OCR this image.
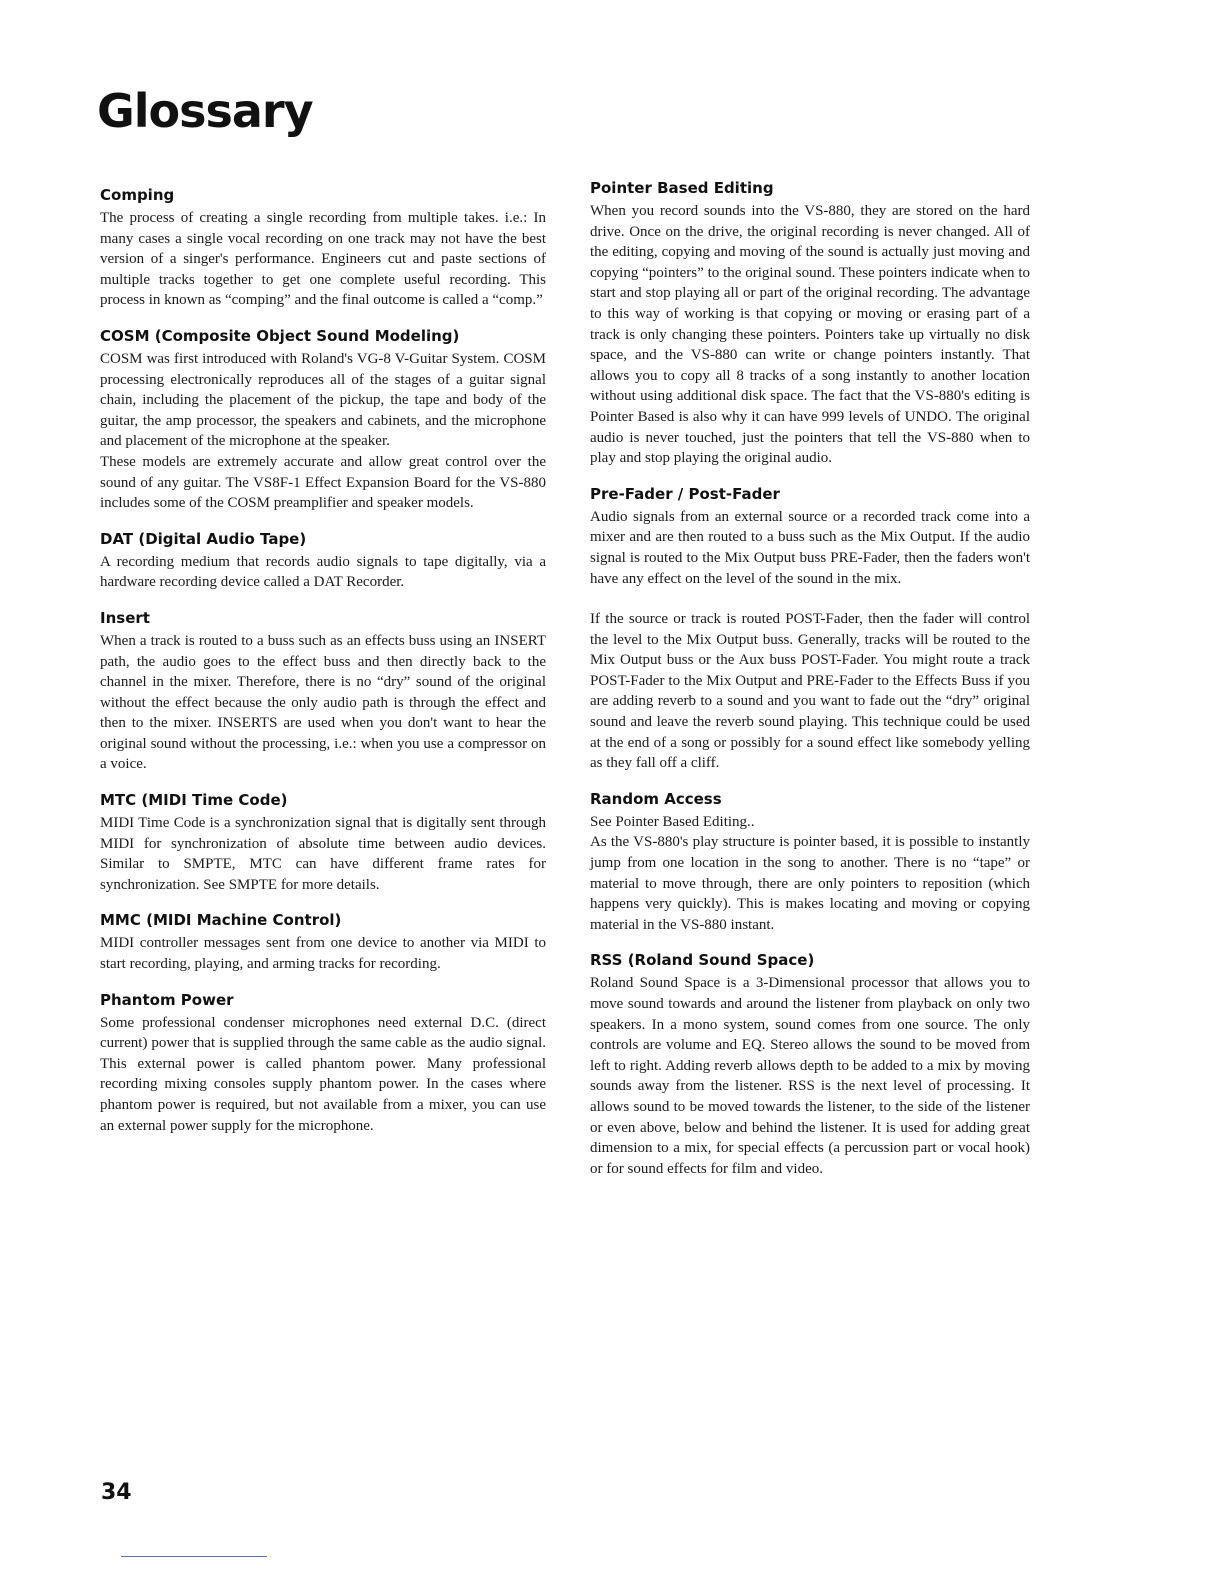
Glossary
Comping

The process of creating a single recording from multiple takes. i.e.: In many cases a single vocal recording on one track may not have the best version of a singer's performance. Engineers cut and paste sections of multiple tracks together to get one complete useful recording. This process in known as “comping” and the final outcome is called a “comp.”

COSM (Composite Object Sound Modeling)

COSM was first introduced with Roland's VG-8 V-Guitar System. COSM processing electronically reproduces all of the stages of a guitar signal chain, including the placement of the pickup, the tape and body of the guitar, the amp processor, the speakers and cabinets, and the microphone and placement of the microphone at the speaker.

These models are extremely accurate and allow great control over the sound of any guitar. The VS8F-1 Effect Expansion Board for the VS-880 includes some of the COSM preamplifier and speaker models.

DAT (Digital Audio Tape)

A recording medium that records audio signals to tape digitally, via a hardware recording device called a DAT Recorder.

Insert

When a track is routed to a buss such as an effects buss using an INSERT path, the audio goes to the effect buss and then directly back to the channel in the mixer. Therefore, there is no “dry” sound of the original without the effect because the only audio path is through the effect and then to the mixer. INSERTS are used when you don't want to hear the original sound without the processing, i.e.: when you use a compressor on a voice.

MTC (MIDI Time Code)

MIDI Time Code is a synchronization signal that is digitally sent through MIDI for synchronization of absolute time between audio devices. Similar to SMPTE, MTC can have different frame rates for synchronization. See SMPTE for more details.

MMC (MIDI Machine Control)

MIDI controller messages sent from one device to another via MIDI to start recording, playing, and arming tracks for recording.

Phantom Power

Some professional condenser microphones need external D.C. (direct current) power that is supplied through the same cable as the audio signal. This external power is called phantom power. Many professional recording mixing consoles supply phantom power. In the cases where phantom power is required, but not available from a mixer, you can use an external power supply for the microphone.

Pointer Based Editing

When you record sounds into the VS-880, they are stored on the hard drive. Once on the drive, the original recording is never changed. All of the editing, copying and moving of the sound is actually just moving and copying “pointers” to the original sound. These pointers indicate when to start and stop playing all or part of the original recording. The advantage to this way of working is that copying or moving or erasing part of a track is only changing these pointers. Pointers take up virtually no disk space, and the VS-880 can write or change pointers instantly. That allows you to copy all 8 tracks of a song instantly to another location without using additional disk space. The fact that the VS-880's editing is Pointer Based is also why it can have 999 levels of UNDO. The original audio is never touched, just the pointers that tell the VS-880 when to play and stop playing the original audio.

Pre-Fader / Post-Fader

Audio signals from an external source or a recorded track come into a mixer and are then routed to a buss such as the Mix Output. If the audio signal is routed to the Mix Output buss PRE-Fader, then the faders won't have any effect on the level of the sound in the mix.

If the source or track is routed POST-Fader, then the fader will control the level to the Mix Output buss. Generally, tracks will be routed to the Mix Output buss or the Aux buss POST-Fader. You might route a track POST-Fader to the Mix Output and PRE-Fader to the Effects Buss if you are adding reverb to a sound and you want to fade out the “dry” original sound and leave the reverb sound playing. This technique could be used at the end of a song or possibly for a sound effect like somebody yelling as they fall off a cliff.

Random Access

See Pointer Based Editing..

As the VS-880's play structure is pointer based, it is possible to instantly jump from one location in the song to another. There is no “tape” or material to move through, there are only pointers to reposition (which happens very quickly). This is makes locating and moving or copying material in the VS-880 instant.

RSS (Roland Sound Space)

Roland Sound Space is a 3-Dimensional processor that allows you to move sound towards and around the listener from playback on only two speakers. In a mono system, sound comes from one source. The only controls are volume and EQ. Stereo allows the sound to be moved from left to right. Adding reverb allows depth to be added to a mix by moving sounds away from the listener. RSS is the next level of processing. It allows sound to be moved towards the listener, to the side of the listener or even above, below and behind the listener. It is used for adding great dimension to a mix, for special effects (a percussion part or vocal hook) or for sound effects for film and video.

34
